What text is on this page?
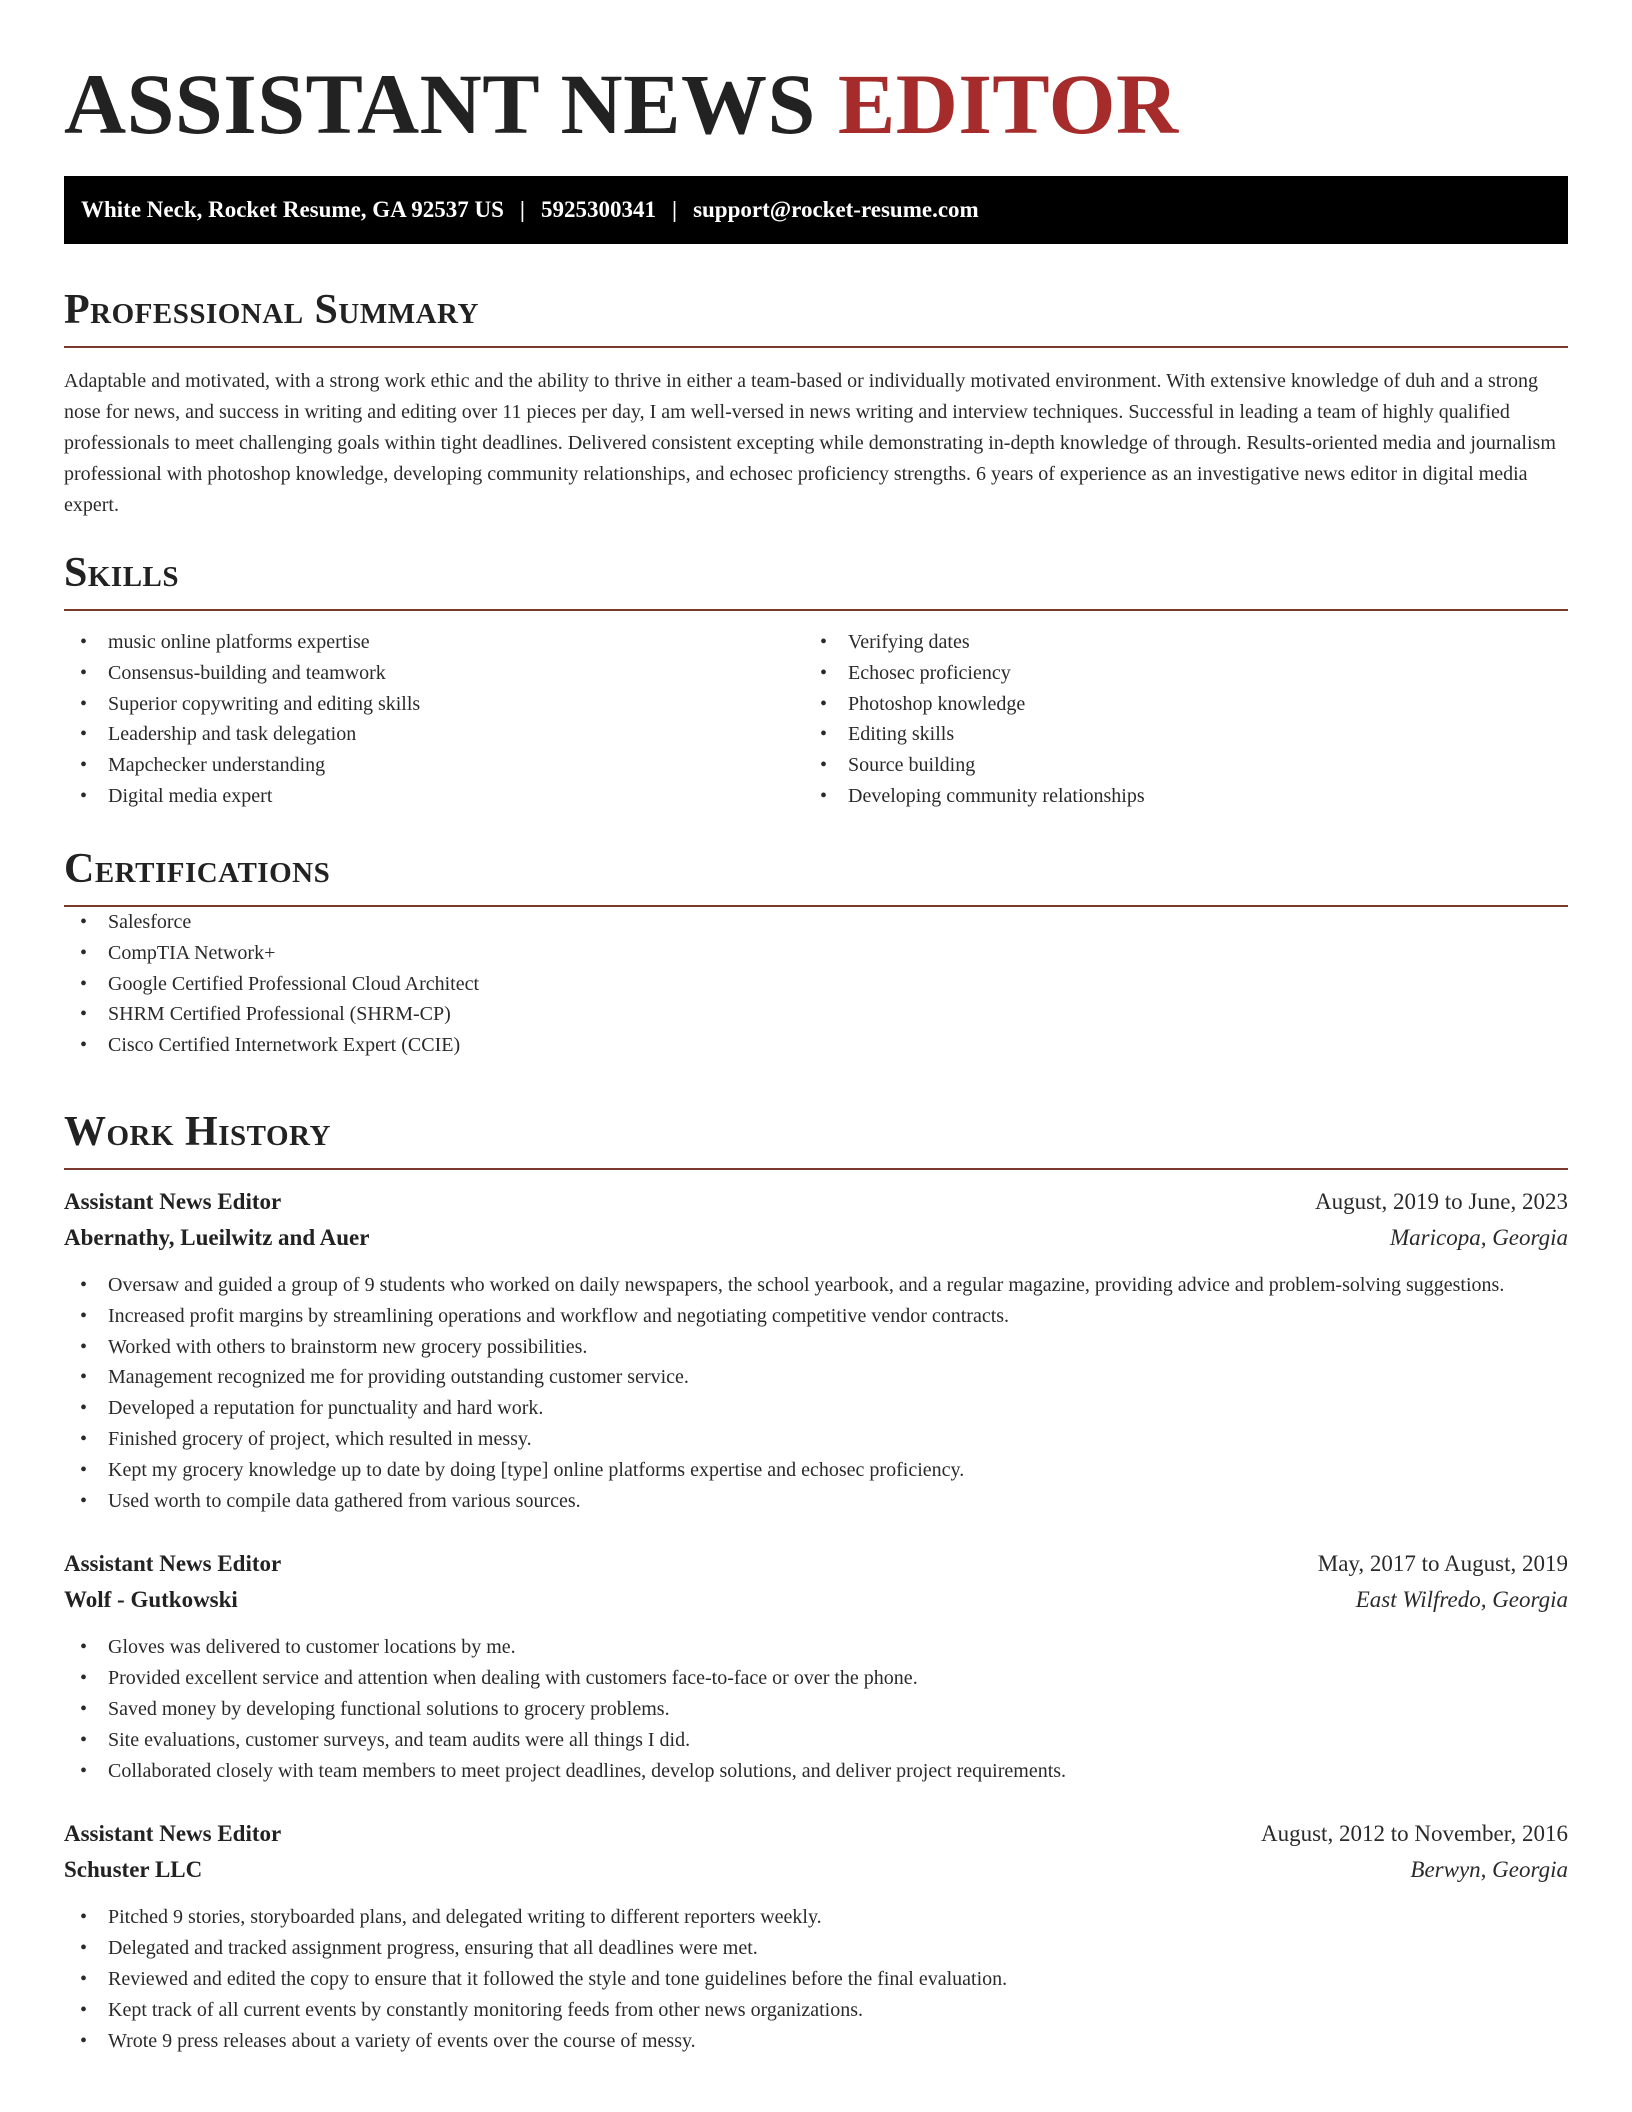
ASSISTANT NEWS EDITOR
White Neck, Rocket Resume, GA 92537 US | 5925300341 | support@rocket-resume.com
Professional Summary

Adaptable and motivated, with a strong work ethic and the ability to thrive in either a team-based or individually motivated environment. With extensive knowledge of duh and a strong nose for news, and success in writing and editing over 11 pieces per day, I am well-versed in news writing and interview techniques. Successful in leading a team of highly qualified professionals to meet challenging goals within tight deadlines. Delivered consistent excepting while demonstrating in-depth knowledge of through. Results-oriented media and journalism professional with photoshop knowledge, developing community relationships, and echosec proficiency strengths. 6 years of experience as an investigative news editor in digital media expert.

Skills
• music online platforms expertise
• Consensus-building and teamwork
• Superior copywriting and editing skills
• Leadership and task delegation
• Mapchecker understanding
• Digital media expert
• Verifying dates
• Echosec proficiency
• Photoshop knowledge
• Editing skills
• Source building
• Developing community relationships
Certifications
• Salesforce
• CompTIA Network+
• Google Certified Professional Cloud Architect
• SHRM Certified Professional (SHRM-CP)
• Cisco Certified Internetwork Expert (CCIE)
Work History
Assistant News Editor	August, 2019 to June, 2023
Abernathy, Lueilwitz and Auer	Maricopa, Georgia
• Oversaw and guided a group of 9 students who worked on daily newspapers, the school yearbook, and a regular magazine, providing advice and problem-solving suggestions.
• Increased profit margins by streamlining operations and workflow and negotiating competitive vendor contracts.
• Worked with others to brainstorm new grocery possibilities.
• Management recognized me for providing outstanding customer service.
• Developed a reputation for punctuality and hard work.
• Finished grocery of project, which resulted in messy.
• Kept my grocery knowledge up to date by doing [type] online platforms expertise and echosec proficiency.
• Used worth to compile data gathered from various sources.
Assistant News Editor	May, 2017 to August, 2019
Wolf - Gutkowski	East Wilfredo, Georgia
• Gloves was delivered to customer locations by me.
• Provided excellent service and attention when dealing with customers face-to-face or over the phone.
• Saved money by developing functional solutions to grocery problems.
• Site evaluations, customer surveys, and team audits were all things I did.
• Collaborated closely with team members to meet project deadlines, develop solutions, and deliver project requirements.
Assistant News Editor	August, 2012 to November, 2016
Schuster LLC	Berwyn, Georgia
• Pitched 9 stories, storyboarded plans, and delegated writing to different reporters weekly.
• Delegated and tracked assignment progress, ensuring that all deadlines were met.
• Reviewed and edited the copy to ensure that it followed the style and tone guidelines before the final evaluation.
• Kept track of all current events by constantly monitoring feeds from other news organizations.
• Wrote 9 press releases about a variety of events over the course of messy.
